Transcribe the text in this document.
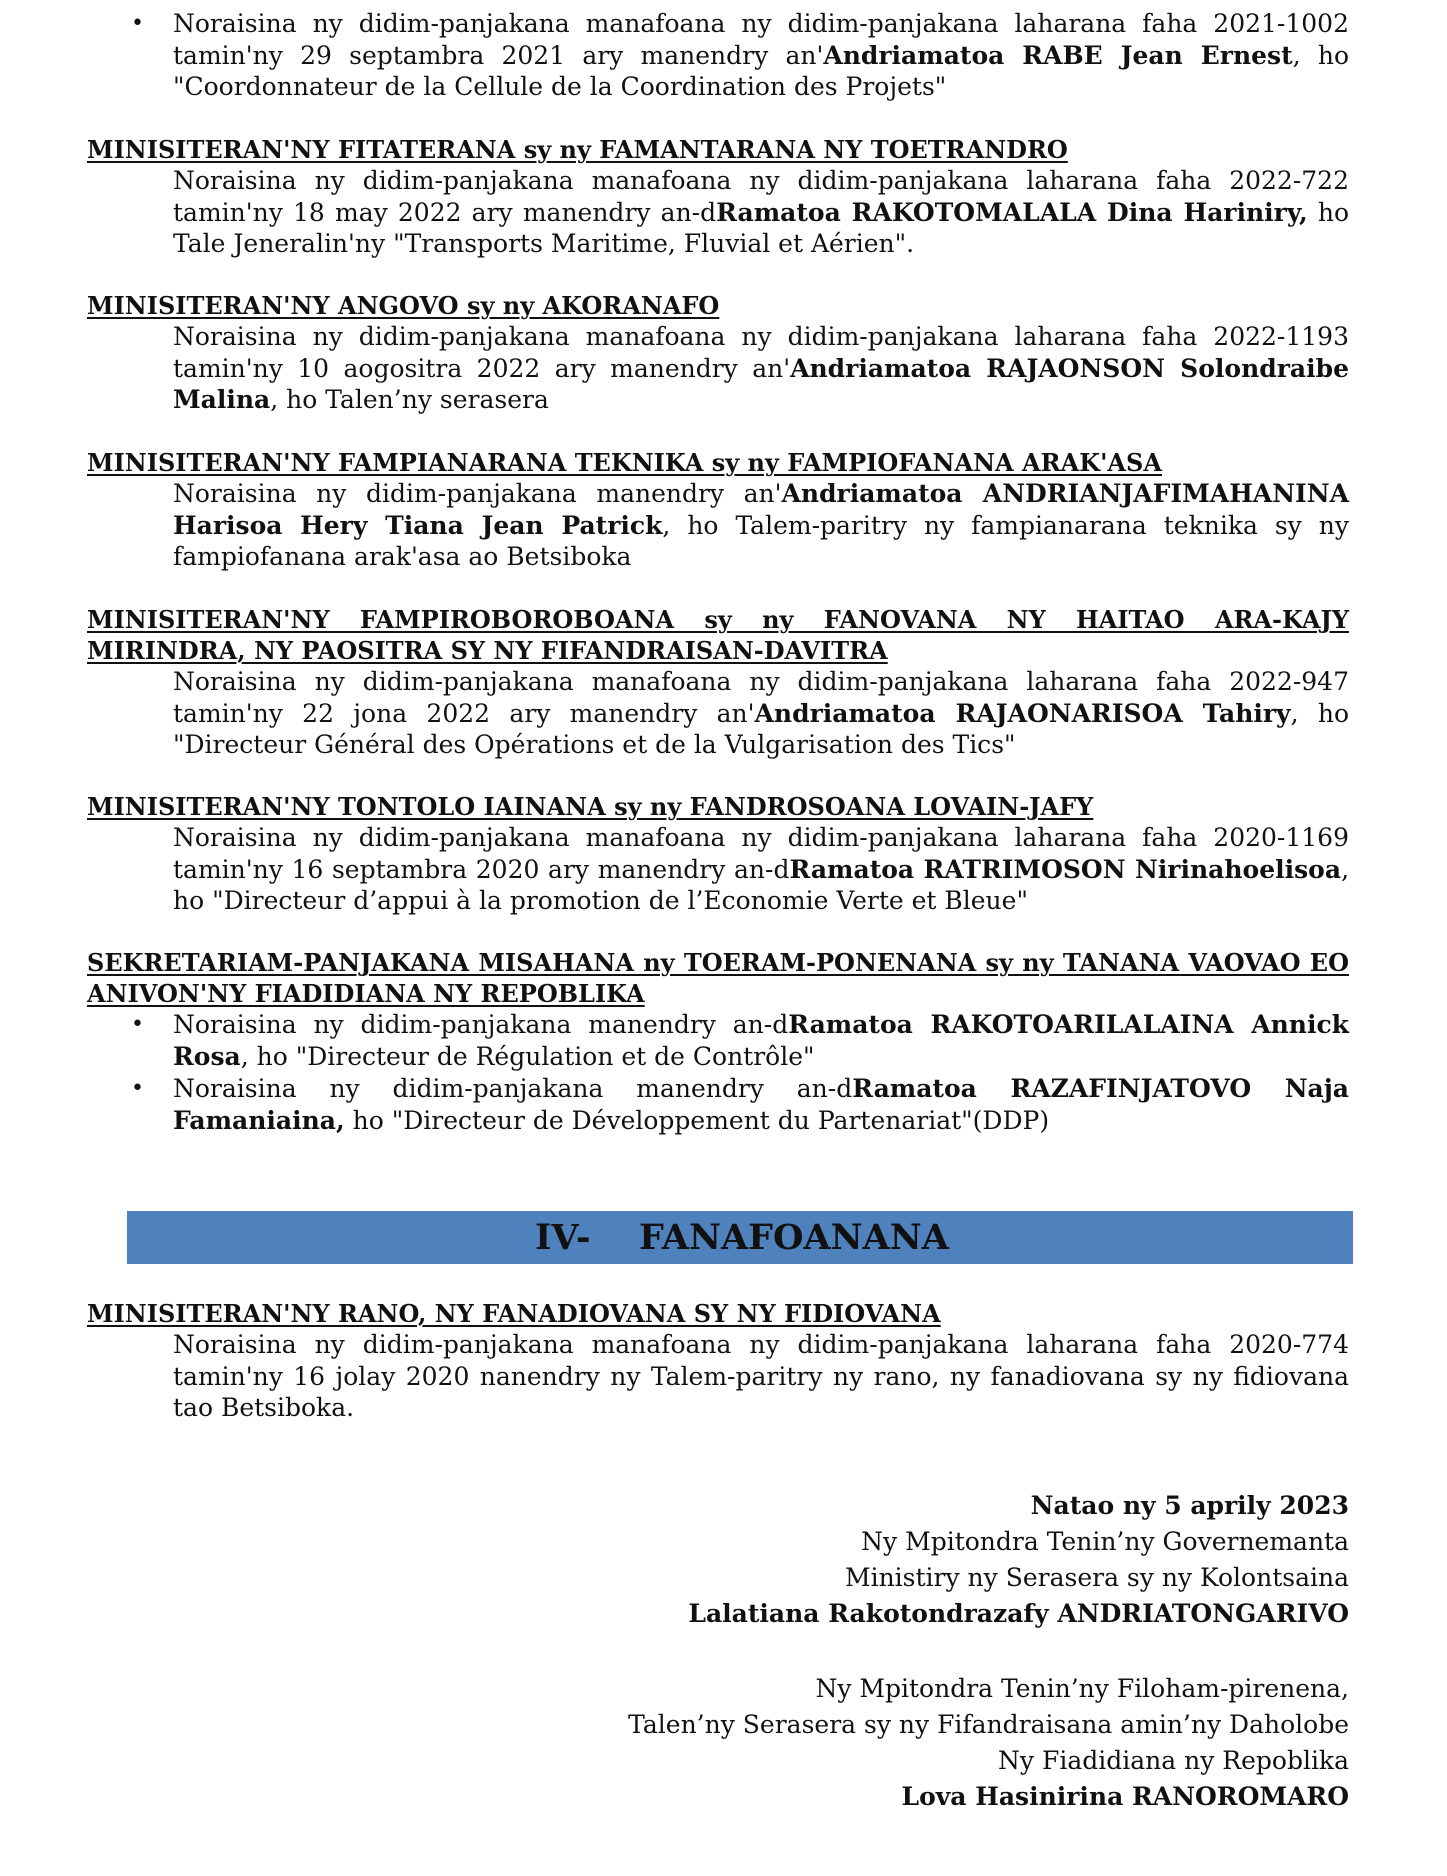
• Noraisina ny didim-panjakana manafoana ny didim-panjakana laharana faha 2021-1002 tamin'ny 29 septambra 2021 ary manendry an'Andriamatoa RABE Jean Ernest, ho "Coordonnateur de la Cellule de la Coordination des Projets"

MINISITERAN'NY FITATERANA sy ny FAMANTARANA NY TOETRANDRO

Noraisina ny didim-panjakana manafoana ny didim-panjakana laharana faha 2022-722 tamin'ny 18 may 2022 ary manendry an-dRamatoa RAKOTOMALALA Dina Hariniry, ho Tale Jeneralin'ny "Transports Maritime, Fluvial et Aérien".

MINISITERAN'NY ANGOVO sy ny AKORANAFO

Noraisina ny didim-panjakana manafoana ny didim-panjakana laharana faha 2022-1193 tamin'ny 10 aogositra 2022 ary manendry an'Andriamatoa RAJAONSON Solondraibe Malina, ho Talen’ny serasera

MINISITERAN'NY FAMPIANARANA TEKNIKA sy ny FAMPIOFANANA ARAK'ASA

Noraisina ny didim-panjakana manendry an'Andriamatoa ANDRIANJAFIMAHANINA Harisoa Hery Tiana Jean Patrick, ho Talem-paritry ny fampianarana teknika sy ny fampiofanana arak'asa ao Betsiboka

MINISITERAN'NY FAMPIROBOROBOANA sy ny FANOVANA NY HAITAO ARA-KAJY MIRINDRA, NY PAOSITRA SY NY FIFANDRAISAN-DAVITRA

Noraisina ny didim-panjakana manafoana ny didim-panjakana laharana faha 2022-947 tamin'ny 22 jona 2022 ary manendry an'Andriamatoa RAJAONARISOA Tahiry, ho "Directeur Général des Opérations et de la Vulgarisation des Tics"

MINISITERAN'NY TONTOLO IAINANA sy ny FANDROSOANA LOVAIN-JAFY

Noraisina ny didim-panjakana manafoana ny didim-panjakana laharana faha 2020-1169 tamin'ny 16 septambra 2020 ary manendry an-dRamatoa RATRIMOSON Nirinahoelisoa, ho "Directeur d’appui à la promotion de l’Economie Verte et Bleue"

SEKRETARIAM-PANJAKANA MISAHANA ny TOERAM-PONENANA sy ny TANANA VAOVAO EO ANIVON'NY FIADIDIANA NY REPOBLIKA
• Noraisina ny didim-panjakana manendry an-dRamatoa RAKOTOARILALAINA Annick Rosa, ho "Directeur de Régulation et de Contrôle"

• Noraisina ny didim-panjakana manendry an-dRamatoa RAZAFINJATOVO Naja Famaniaina, ho "Directeur de Développement du Partenariat"(DDP)

IV- FANAFOANANA
MINISITERAN'NY RANO, NY FANADIOVANA SY NY FIDIOVANA

Noraisina ny didim-panjakana manafoana ny didim-panjakana laharana faha 2020-774 tamin'ny 16 jolay 2020 nanendry ny Talem-paritry ny rano, ny fanadiovana sy ny fidiovana tao Betsiboka.

Natao ny 5 aprily 2023
Ny Mpitondra Tenin’ny Governemanta
Ministiry ny Serasera sy ny Kolontsaina
Lalatiana Rakotondrazafy ANDRIATONGARIVO
Ny Mpitondra Tenin’ny Filoham-pirenena,
Talen’ny Serasera sy ny Fifandraisana amin’ny Daholobe
Ny Fiadidiana ny Repoblika
Lova Hasinirina RANOROMARO
